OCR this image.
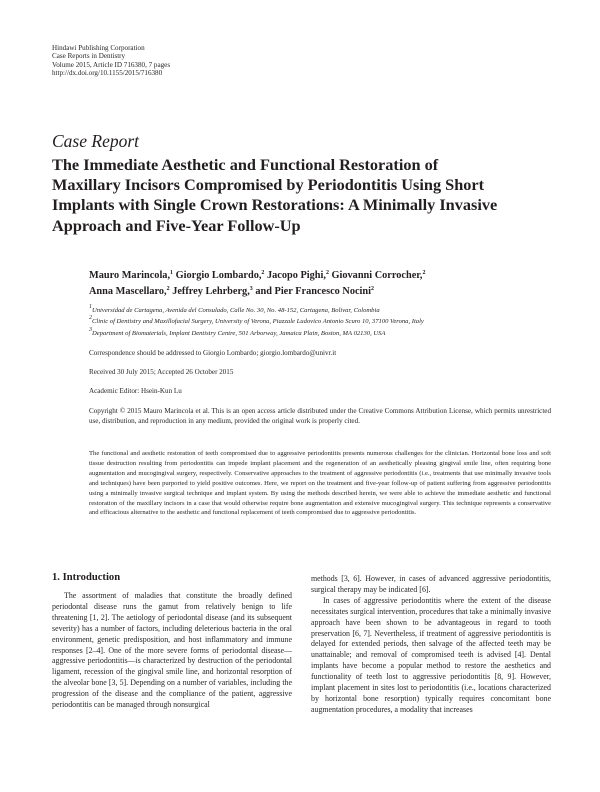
Hindawi Publishing Corporation
Case Reports in Dentistry
Volume 2015, Article ID 716380, 7 pages
http://dx.doi.org/10.1155/2015/716380
Case Report
The Immediate Aesthetic and Functional Restoration of
Maxillary Incisors Compromised by Periodontitis Using Short
Implants with Single Crown Restorations: A Minimally Invasive
Approach and Five-Year Follow-Up
Mauro Marincola,$^1$ Giorgio Lombardo,$^2$ Jacopo Pighi,$^2$ Giovanni Corrocher,$^2$
Anna Mascellaro,$^2$ Jeffrey Lehrberg,$^3$ and Pier Francesco Nocini$^2$
$^1$Universidad de Cartagena, Avenida del Consulado, Calle No. 30, No. 48-152, Cartagena, Bolivar, Colombia
$^2$Clinic of Dentistry and Maxillofacial Surgery, University of Verona, Piazzale Ludovico Antonio Scuro 10, 37100 Verona, Italy
$^3$Department of Biomaterials, Implant Dentistry Centre, 501 Arborway, Jamaica Plain, Boston, MA 02130, USA
Correspondence should be addressed to Giorgio Lombardo; giorgio.lombardo@univr.it
Received 30 July 2015; Accepted 26 October 2015
Academic Editor: Hsein-Kun Lu
Copyright © 2015 Mauro Marincola et al. This is an open access article distributed under the Creative Commons Attribution License, which permits unrestricted use, distribution, and reproduction in any medium, provided the original work is properly cited.
The functional and aesthetic restoration of teeth compromised due to aggressive periodontitis presents numerous challenges for the clinician. Horizontal bone loss and soft tissue destruction resulting from periodontitis can impede implant placement and the regeneration of an aesthetically pleasing gingival smile line, often requiring bone augmentation and mucogingival surgery, respectively. Conservative approaches to the treatment of aggressive periodontitis (i.e., treatments that use minimally invasive tools and techniques) have been purported to yield positive outcomes. Here, we report on the treatment and five-year follow-up of patient suffering from aggressive periodontitis using a minimally invasive surgical technique and implant system. By using the methods described herein, we were able to achieve the immediate aesthetic and functional restoration of the maxillary incisors in a case that would otherwise require bone augmentation and extensive mucogingival surgery. This technique represents a conservative and efficacious alternative to the aesthetic and functional replacement of teeth compromised due to aggressive periodontitis.
1. Introduction

The assortment of maladies that constitute the broadly defined periodontal disease runs the gamut from relatively benign to life threatening [1, 2]. The aetiology of periodontal disease (and its subsequent severity) has a number of factors, including deleterious bacteria in the oral environment, genetic predisposition, and host inflammatory and immune responses [2–4]. One of the more severe forms of periodontal disease—aggressive periodontitis—is characterized by destruction of the periodontal ligament, recession of the gingival smile line, and horizontal resorption of the alveolar bone [3, 5]. Depending on a number of variables, including the progression of the disease and the compliance of the patient, aggressive periodontitis can be managed through nonsurgical

methods [3, 6]. However, in cases of advanced aggressive periodontitis, surgical therapy may be indicated [6].

In cases of aggressive periodontitis where the extent of the disease necessitates surgical intervention, procedures that take a minimally invasive approach have been shown to be advantageous in regard to tooth preservation [6, 7]. Nevertheless, if treatment of aggressive periodontitis is delayed for extended periods, then salvage of the affected teeth may be unattainable; and removal of compromised teeth is advised [4]. Dental implants have become a popular method to restore the aesthetics and functionality of teeth lost to aggressive periodontitis [8, 9]. However, implant placement in sites lost to periodontitis (i.e., locations characterized by horizontal bone resorption) typically requires concomitant bone augmentation procedures, a modality that increases
